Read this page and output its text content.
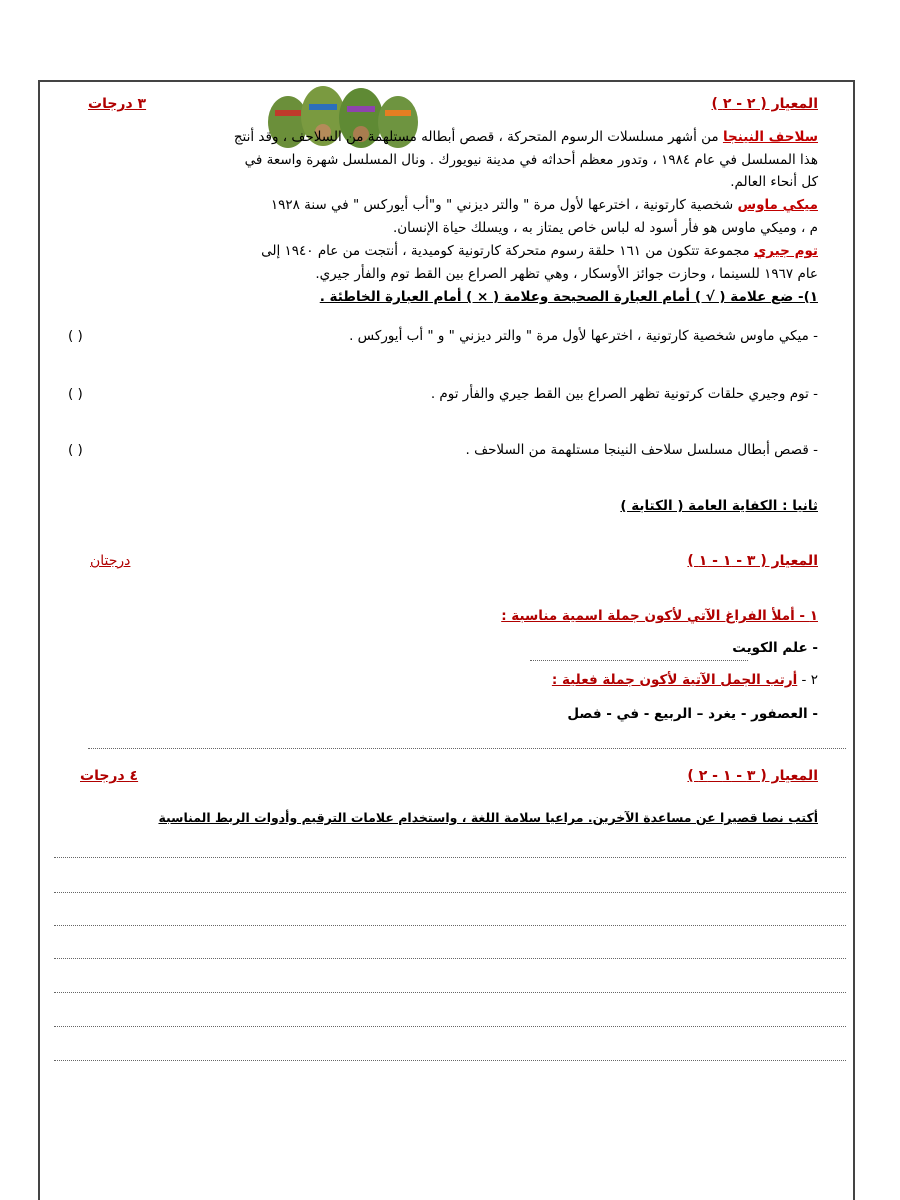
المعيار ( ٢ - ٢ )
٣ درجات
سلاحف النينجا من أشهر مسلسلات الرسوم المتحركة ، قصص أبطاله مستلهمة من السلاحف ، وقد أنتج
هذا المسلسل في عام ١٩٨٤ ، وتدور معظم أحداثه في مدينة نيويورك . ونال المسلسل شهرة واسعة في
كل أنحاء العالم.
ميكي ماوس شخصية كارتونية ، اخترعها لأول مرة " والتر ديزني " و"أب أيوركس " في سنة ١٩٢٨
م ، وميكي ماوس هو فأر أسود له لباس خاص يمتاز به ، ويسلك حياة الإنسان.
توم جيري مجموعة تتكون من ١٦١ حلقة رسوم متحركة كارتونية كوميدية ، أنتجت من عام ١٩٤٠ إلى
عام ١٩٦٧ للسينما ، وحازت جوائز الأوسكار ، وهي تظهر الصراع بين القط توم والفأر جيري.
١)- ضع علامة ( √ ) أمام العبارة الصحيحة وعلامة ( × ) أمام العبارة الخاطئة .
- ميكي ماوس شخصية كارتونية ، اخترعها لأول مرة " والتر ديزني " و " أب أيوركس .
( )
- توم وجيري حلقات كرتونية تظهر الصراع بين القط جيري والفأر توم .
( )
- قصص أبطال مسلسل سلاحف النينجا مستلهمة من السلاحف .
( )
ثانيا : الكفاية العامة ( الكتابة )
المعيار ( ٣ - ١ - ١ )
درجتان
١ - أملأ الفراغ الآتي لأكون جملة اسمية مناسبة :
- علم الكويت
٢ - أرتب الجمل الآتية لأكون جملة فعلية :
- العصفور - يغرد – الربيع - في - فصل
المعيار ( ٣ - ١ - ٢ )
٤ درجات
أكتب نصا قصيرا عن مساعدة الآخرين. مراعيا سلامة اللغة ، واستخدام علامات الترقيم وأدوات الربط المناسبة
